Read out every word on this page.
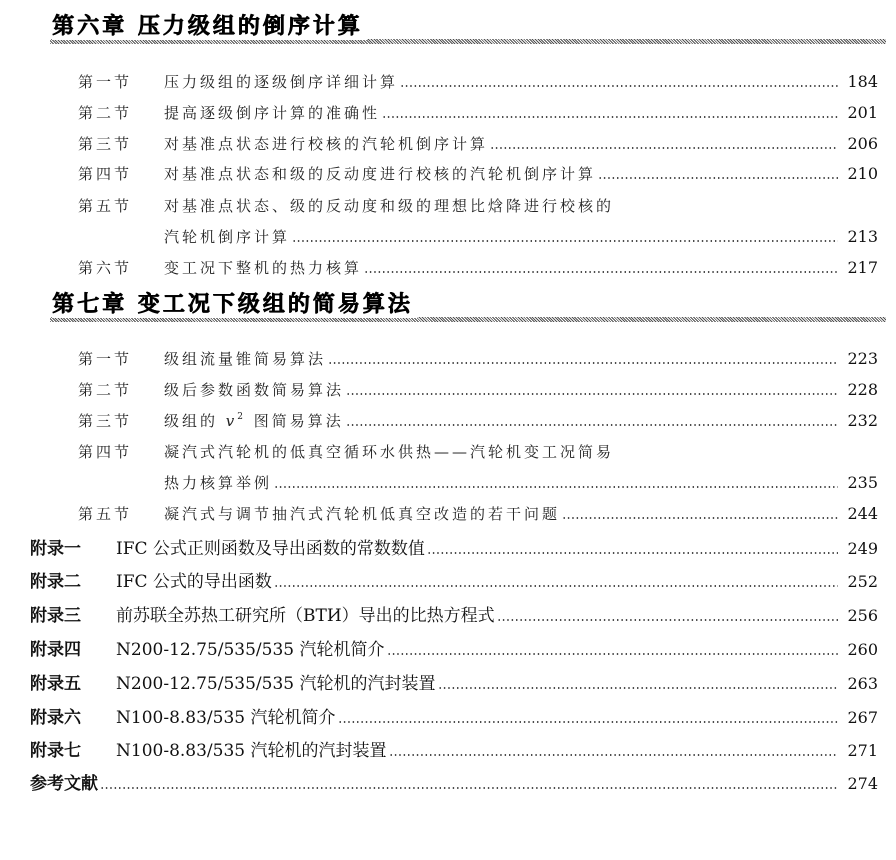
第六章 压力级组的倒序计算
第一节	压力级组的逐级倒序详细计算	184
第二节	提高逐级倒序计算的准确性	201
第三节	对基准点状态进行校核的汽轮机倒序计算	206
第四节	对基准点状态和级的反动度进行校核的汽轮机倒序计算	210
第五节	对基准点状态、级的反动度和级的理想比焓降进行校核的
汽轮机倒序计算	213
第六节	变工况下整机的热力核算	217
第七章 变工况下级组的简易算法
第一节	级组流量锥简易算法	223
第二节	级后参数函数简易算法	228
第三节	级组的 $v^2$ 图简易算法	232
第四节	凝汽式汽轮机的低真空循环水供热——汽轮机变工况简易
热力核算举例	235
第五节	凝汽式与调节抽汽式汽轮机低真空改造的若干问题	244
附录一	IFC 公式正则函数及导出函数的常数数值	249
附录二	IFC 公式的导出函数	252
附录三	前苏联全苏热工研究所（BTИ）导出的比热方程式	256
附录四	N200-12.75/535/535 汽轮机简介	260
附录五	N200-12.75/535/535 汽轮机的汽封装置	263
附录六	N100-8.83/535 汽轮机简介	267
附录七	N100-8.83/535 汽轮机的汽封装置	271
参考文献	274
